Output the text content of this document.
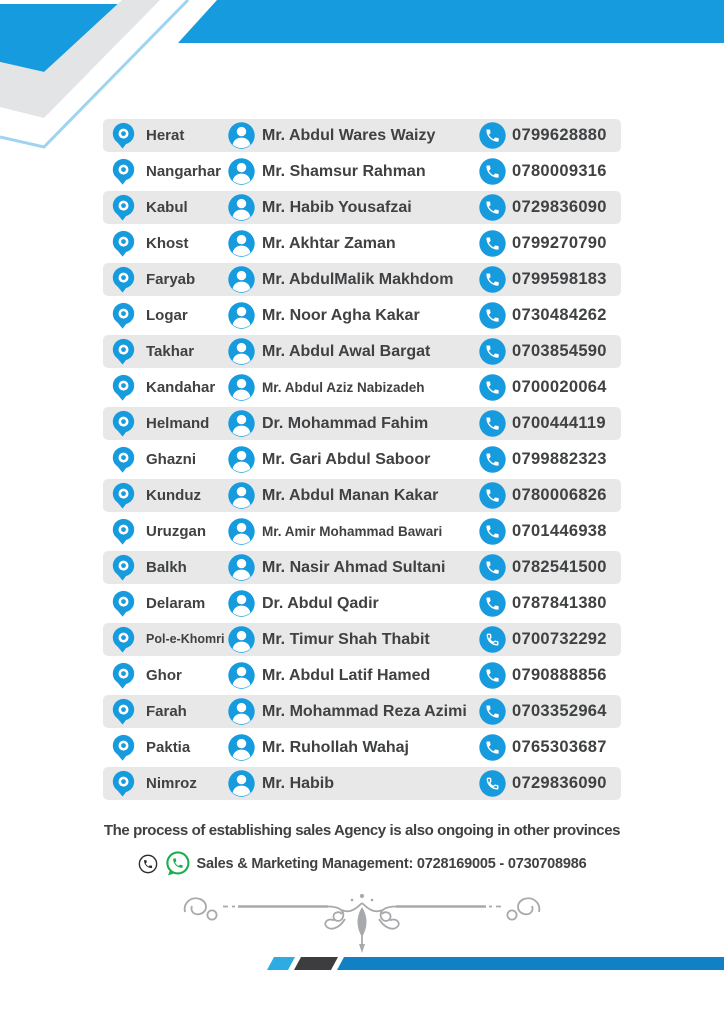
Herat	Mr. Abdul Wares Waizy	0799628880
Nangarhar	Mr. Shamsur Rahman	0780009316
Kabul	Mr. Habib Yousafzai	0729836090
Khost	Mr. Akhtar Zaman	0799270790
Faryab	Mr. AbdulMalik Makhdom	0799598183
Logar	Mr. Noor Agha Kakar	0730484262
Takhar	Mr. Abdul Awal Bargat	0703854590
Kandahar	Mr. Abdul Aziz Nabizadeh	0700020064
Helmand	Dr. Mohammad Fahim	0700444119
Ghazni	Mr. Gari Abdul Saboor	0799882323
Kunduz	Mr. Abdul Manan Kakar	0780006826
Uruzgan	Mr. Amir Mohammad Bawari	0701446938
Balkh	Mr. Nasir Ahmad Sultani	0782541500
Delaram	Dr. Abdul Qadir	0787841380
Pol-e-Khomri Mr. Timur Shah Thabit	0700732292
Ghor	Mr. Abdul Latif Hamed	0790888856
Farah	Mr. Mohammad Reza Azimi	0703352964
Paktia	Mr. Ruhollah Wahaj	0765303687
Nimroz	Mr. Habib	0729836090
The process of establishing sales Agency is also ongoing in other provinces
Sales & Marketing Management: 0728169005 - 0730708986
